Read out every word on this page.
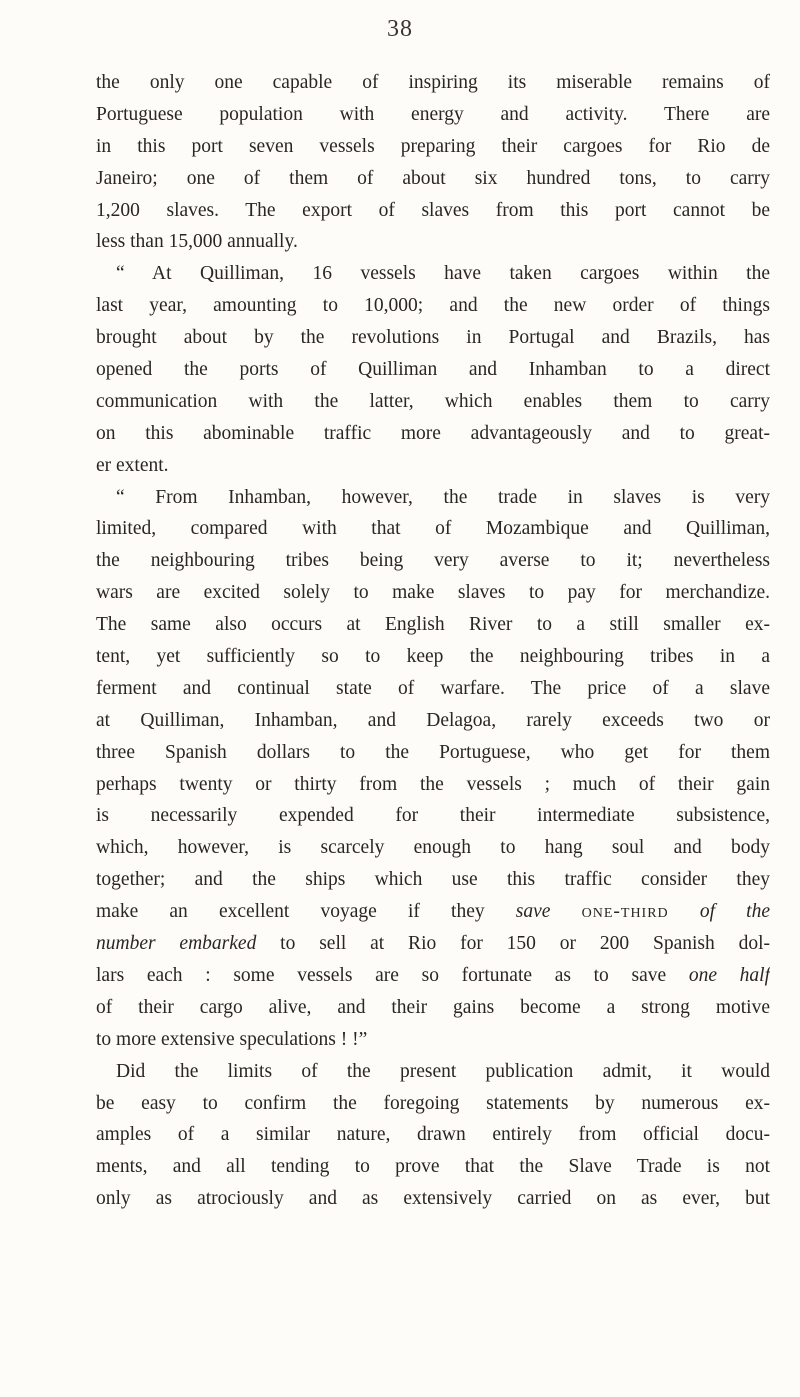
38
the only one capable of inspiring its miserable remains of
Portuguese population with energy and activity. There are
in this port seven vessels preparing their cargoes for Rio de
Janeiro; one of them of about six hundred tons, to carry
1,200 slaves. The export of slaves from this port cannot be
less than 15,000 annually.
“ At Quilliman, 16 vessels have taken cargoes within the
last year, amounting to 10,000; and the new order of things
brought about by the revolutions in Portugal and Brazils, has
opened the ports of Quilliman and Inhamban to a direct
communication with the latter, which enables them to carry
on this abominable traffic more advantageously and to great-
er extent.
“ From Inhamban, however, the trade in slaves is very
limited, compared with that of Mozambique and Quilliman,
the neighbouring tribes being very averse to it; nevertheless
wars are excited solely to make slaves to pay for merchandize.
The same also occurs at English River to a still smaller ex-
tent, yet sufficiently so to keep the neighbouring tribes in a
ferment and continual state of warfare. The price of a slave
at Quilliman, Inhamban, and Delagoa, rarely exceeds two or
three Spanish dollars to the Portuguese, who get for them
perhaps twenty or thirty from the vessels ; much of their gain
is necessarily expended for their intermediate subsistence,
which, however, is scarcely enough to hang soul and body
together; and the ships which use this traffic consider they
make an excellent voyage if they save one-third of the
number embarked to sell at Rio for 150 or 200 Spanish dol-
lars each : some vessels are so fortunate as to save one half
of their cargo alive, and their gains become a strong motive
to more extensive speculations ! !”
Did the limits of the present publication admit, it would
be easy to confirm the foregoing statements by numerous ex-
amples of a similar nature, drawn entirely from official docu-
ments, and all tending to prove that the Slave Trade is not
only as atrociously and as extensively carried on as ever, but
